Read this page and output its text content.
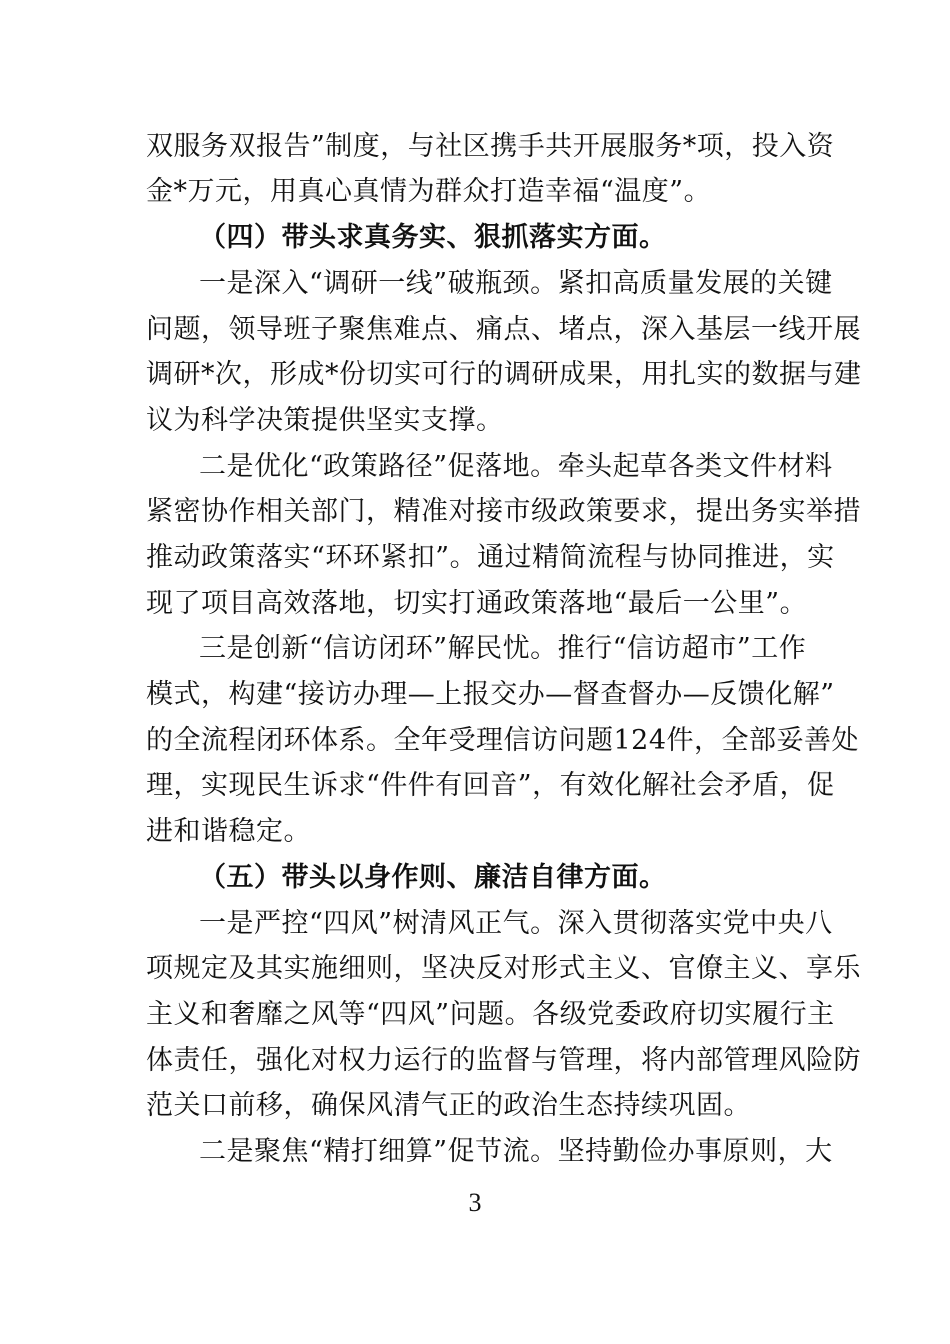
双服务双报告”制度，与社区携手共开展服务*项，投入资
金*万元，用真心真情为群众打造幸福“温度”。
（四）带头求真务实、狠抓落实方面。
一是深入“调研一线”破瓶颈。紧扣高质量发展的关键
问题，领导班子聚焦难点、痛点、堵点，深入基层一线开展
调研*次，形成*份切实可行的调研成果，用扎实的数据与建
议为科学决策提供坚实支撑。
二是优化“政策路径”促落地。牵头起草各类文件材料
紧密协作相关部门，精准对接市级政策要求，提出务实举措
推动政策落实“环环紧扣”。通过精简流程与协同推进，实
现了项目高效落地，切实打通政策落地“最后一公里”。
三是创新“信访闭环”解民忧。推行“信访超市”工作
模式，构建“接访办理—上报交办—督查督办—反馈化解”
的全流程闭环体系。全年受理信访问题124件，全部妥善处
理，实现民生诉求“件件有回音”，有效化解社会矛盾，促
进和谐稳定。
（五）带头以身作则、廉洁自律方面。
一是严控“四风”树清风正气。深入贯彻落实党中央八
项规定及其实施细则，坚决反对形式主义、官僚主义、享乐
主义和奢靡之风等“四风”问题。各级党委政府切实履行主
体责任，强化对权力运行的监督与管理，将内部管理风险防
范关口前移，确保风清气正的政治生态持续巩固。
二是聚焦“精打细算”促节流。坚持勤俭办事原则，大
3
